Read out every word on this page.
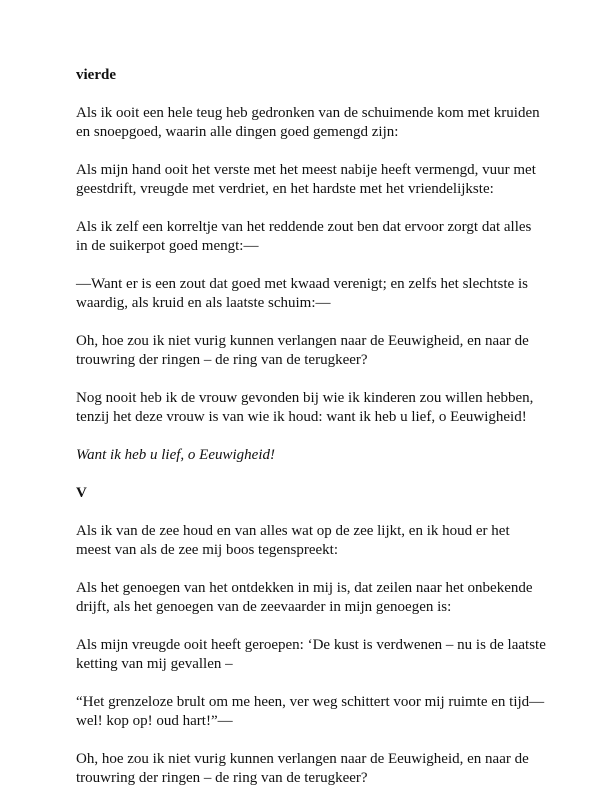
vierde

Als ik ooit een hele teug heb gedronken van de schuimende kom met kruiden en snoepgoed, waarin alle dingen goed gemengd zijn:

Als mijn hand ooit het verste met het meest nabije heeft vermengd, vuur met geestdrift, vreugde met verdriet, en het hardste met het vriendelijkste:

Als ik zelf een korreltje van het reddende zout ben dat ervoor zorgt dat alles in de suikerpot goed mengt:—

—Want er is een zout dat goed met kwaad verenigt; en zelfs het slechtste is waardig, als kruid en als laatste schuim:—

Oh, hoe zou ik niet vurig kunnen verlangen naar de Eeuwigheid, en naar de trouwring der ringen – de ring van de terugkeer?

Nog nooit heb ik de vrouw gevonden bij wie ik kinderen zou willen hebben, tenzij het deze vrouw is van wie ik houd: want ik heb u lief, o Eeuwigheid!

Want ik heb u lief, o Eeuwigheid!

V

Als ik van de zee houd en van alles wat op de zee lijkt, en ik houd er het meest van als de zee mij boos tegenspreekt:

Als het genoegen van het ontdekken in mij is, dat zeilen naar het onbekende drijft, als het genoegen van de zeevaarder in mijn genoegen is:

Als mijn vreugde ooit heeft geroepen: ‘De kust is verdwenen – nu is de laatste ketting van mij gevallen –

“Het grenzeloze brult om me heen, ver weg schittert voor mij ruimte en tijd—wel! kop op! oud hart!”—

Oh, hoe zou ik niet vurig kunnen verlangen naar de Eeuwigheid, en naar de trouwring der ringen – de ring van de terugkeer?
